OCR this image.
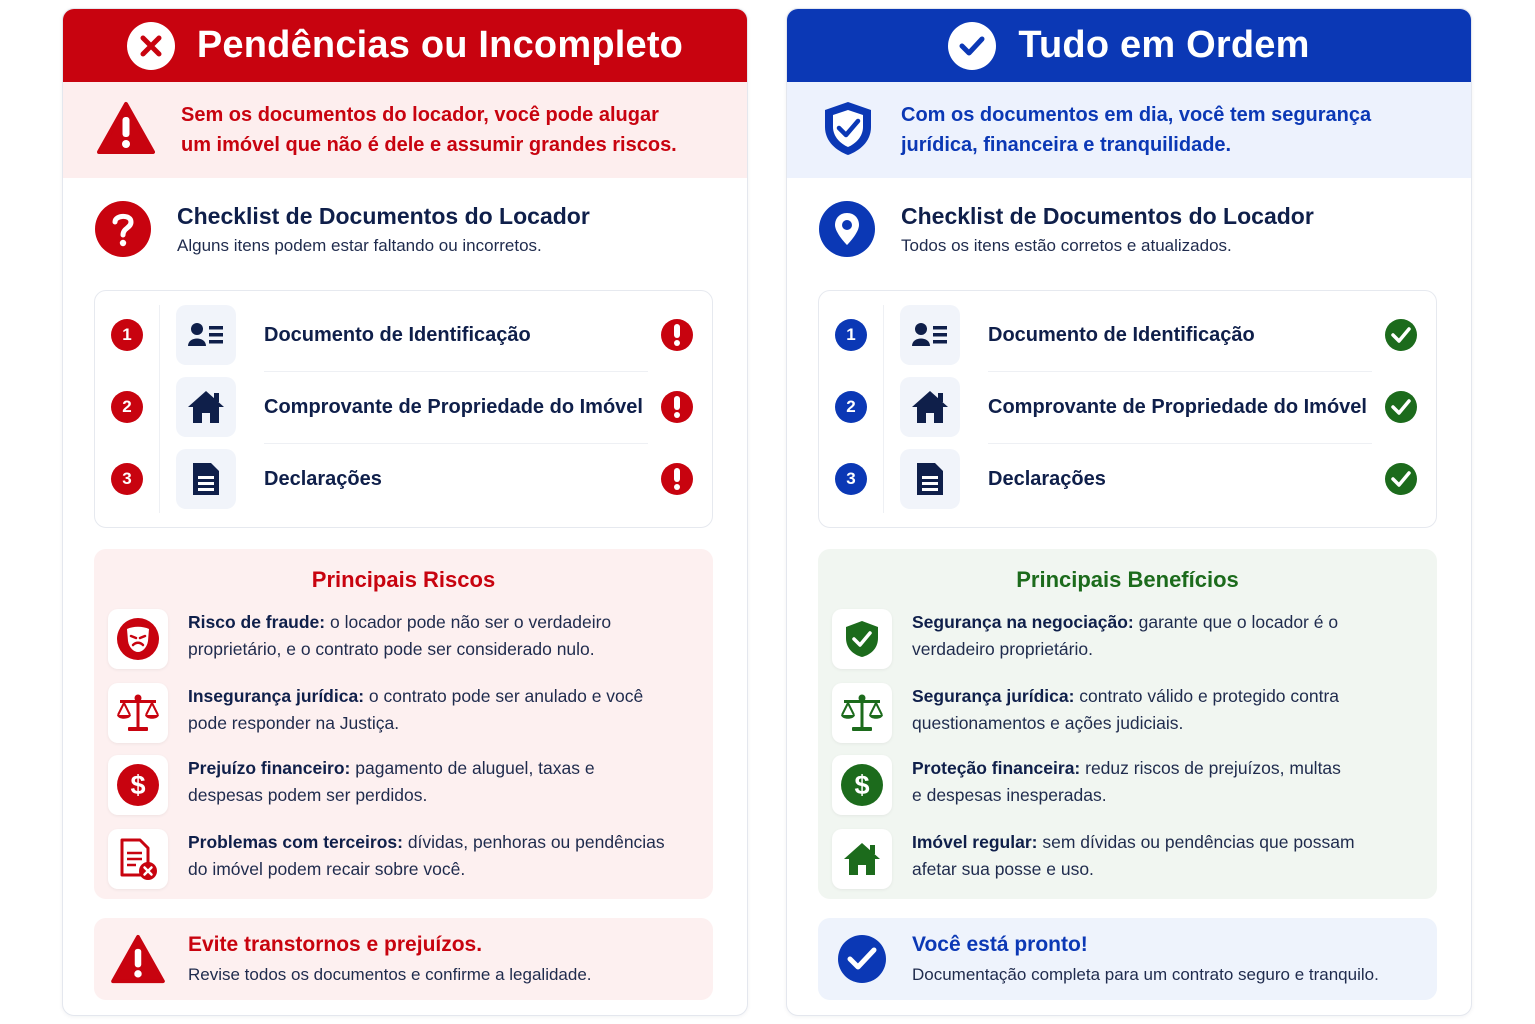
Pendências ou Incompleto
Sem os documentos do locador, você pode alugar
um imóvel que não é dele e assumir grandes riscos.
Checklist de Documentos do Locador
Alguns itens podem estar faltando ou incorretos.
1	Documento de Identificação
2	Comprovante de Propriedade do Imóvel
3	Declarações
Principais Riscos
Risco de fraude: o locador pode não ser o verdadeiro
proprietário, e o contrato pode ser considerado nulo.
Insegurança jurídica: o contrato pode ser anulado e você
pode responder na Justiça.
$
Prejuízo financeiro: pagamento de aluguel, taxas e
despesas podem ser perdidos.
Problemas com terceiros: dívidas, penhoras ou pendências
do imóvel podem recair sobre você.
Evite transtornos e prejuízos.
Revise todos os documentos e confirme a legalidade.
Tudo em Ordem
Com os documentos em dia, você tem segurança
jurídica, financeira e tranquilidade.
Checklist de Documentos do Locador
Todos os itens estão corretos e atualizados.
1	Documento de Identificação
2	Comprovante de Propriedade do Imóvel
3	Declarações
Principais Benefícios
Segurança na negociação: garante que o locador é o
verdadeiro proprietário.
Segurança jurídica: contrato válido e protegido contra
questionamentos e ações judiciais.
$
Proteção financeira: reduz riscos de prejuízos, multas
e despesas inesperadas.
Imóvel regular: sem dívidas ou pendências que possam
afetar sua posse e uso.
Você está pronto!
Documentação completa para um contrato seguro e tranquilo.
